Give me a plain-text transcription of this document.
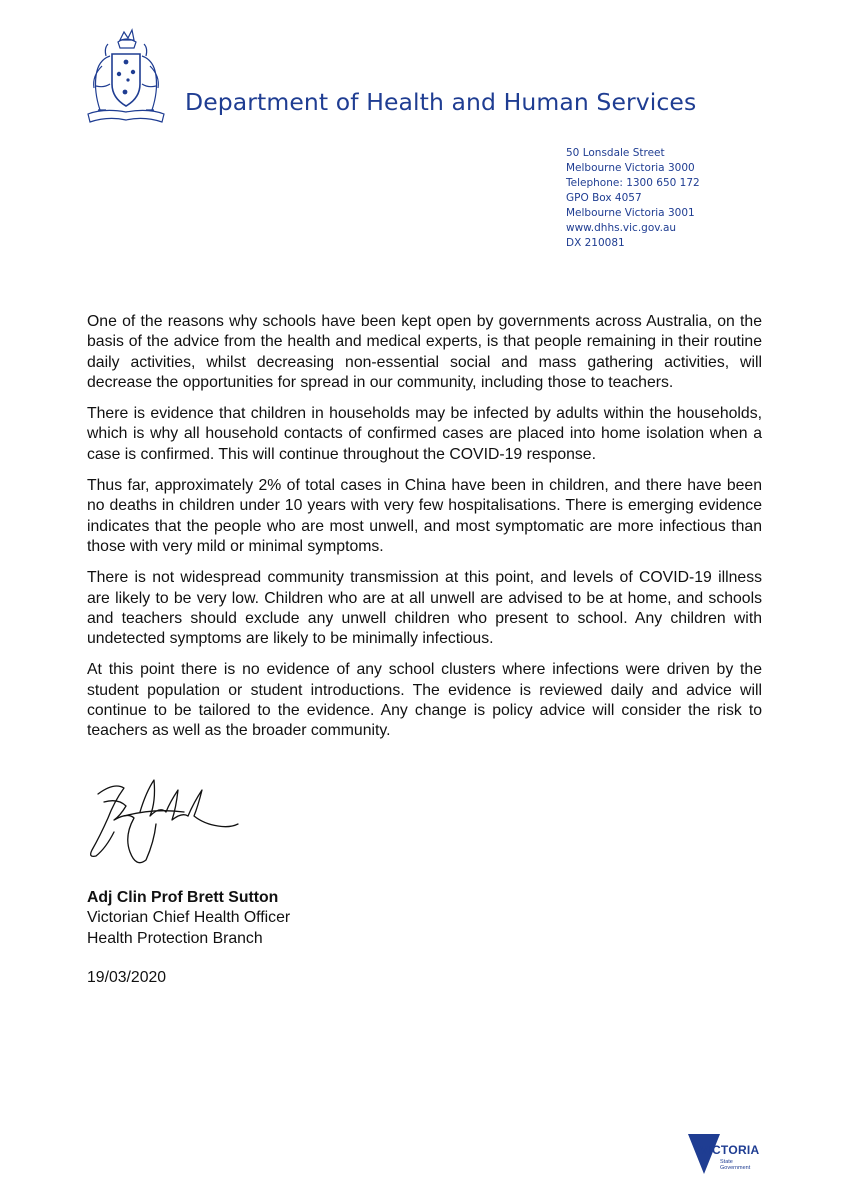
Department of Health and Human Services
50 Lonsdale Street
Melbourne Victoria 3000
Telephone: 1300 650 172
GPO Box 4057
Melbourne Victoria 3001
www.dhhs.vic.gov.au
DX 210081

One of the reasons why schools have been kept open by governments across Australia, on the basis of the advice from the health and medical experts, is that people remaining in their routine daily activities, whilst decreasing non-essential social and mass gathering activities, will decrease the opportunities for spread in our community, including those to teachers.

There is evidence that children in households may be infected by adults within the households, which is why all household contacts of confirmed cases are placed into home isolation when a case is confirmed. This will continue throughout the COVID-19 response.

Thus far, approximately 2% of total cases in China have been in children, and there have been no deaths in children under 10 years with very few hospitalisations. There is emerging evidence indicates that the people who are most unwell, and most symptomatic are more infectious than those with very mild or minimal symptoms.

There is not widespread community transmission at this point, and levels of COVID-19 illness are likely to be very low. Children who are at all unwell are advised to be at home, and schools and teachers should exclude any unwell children who present to school. Any children with undetected symptoms are likely to be minimally infectious.

At this point there is no evidence of any school clusters where infections were driven by the student population or student introductions. The evidence is reviewed daily and advice will continue to be tailored to the evidence. Any change is policy advice will consider the risk to teachers as well as the broader community.

Adj Clin Prof Brett Sutton
Victorian Chief Health Officer
Health Protection Branch
19/03/2020
VICTORIA
State
Government
